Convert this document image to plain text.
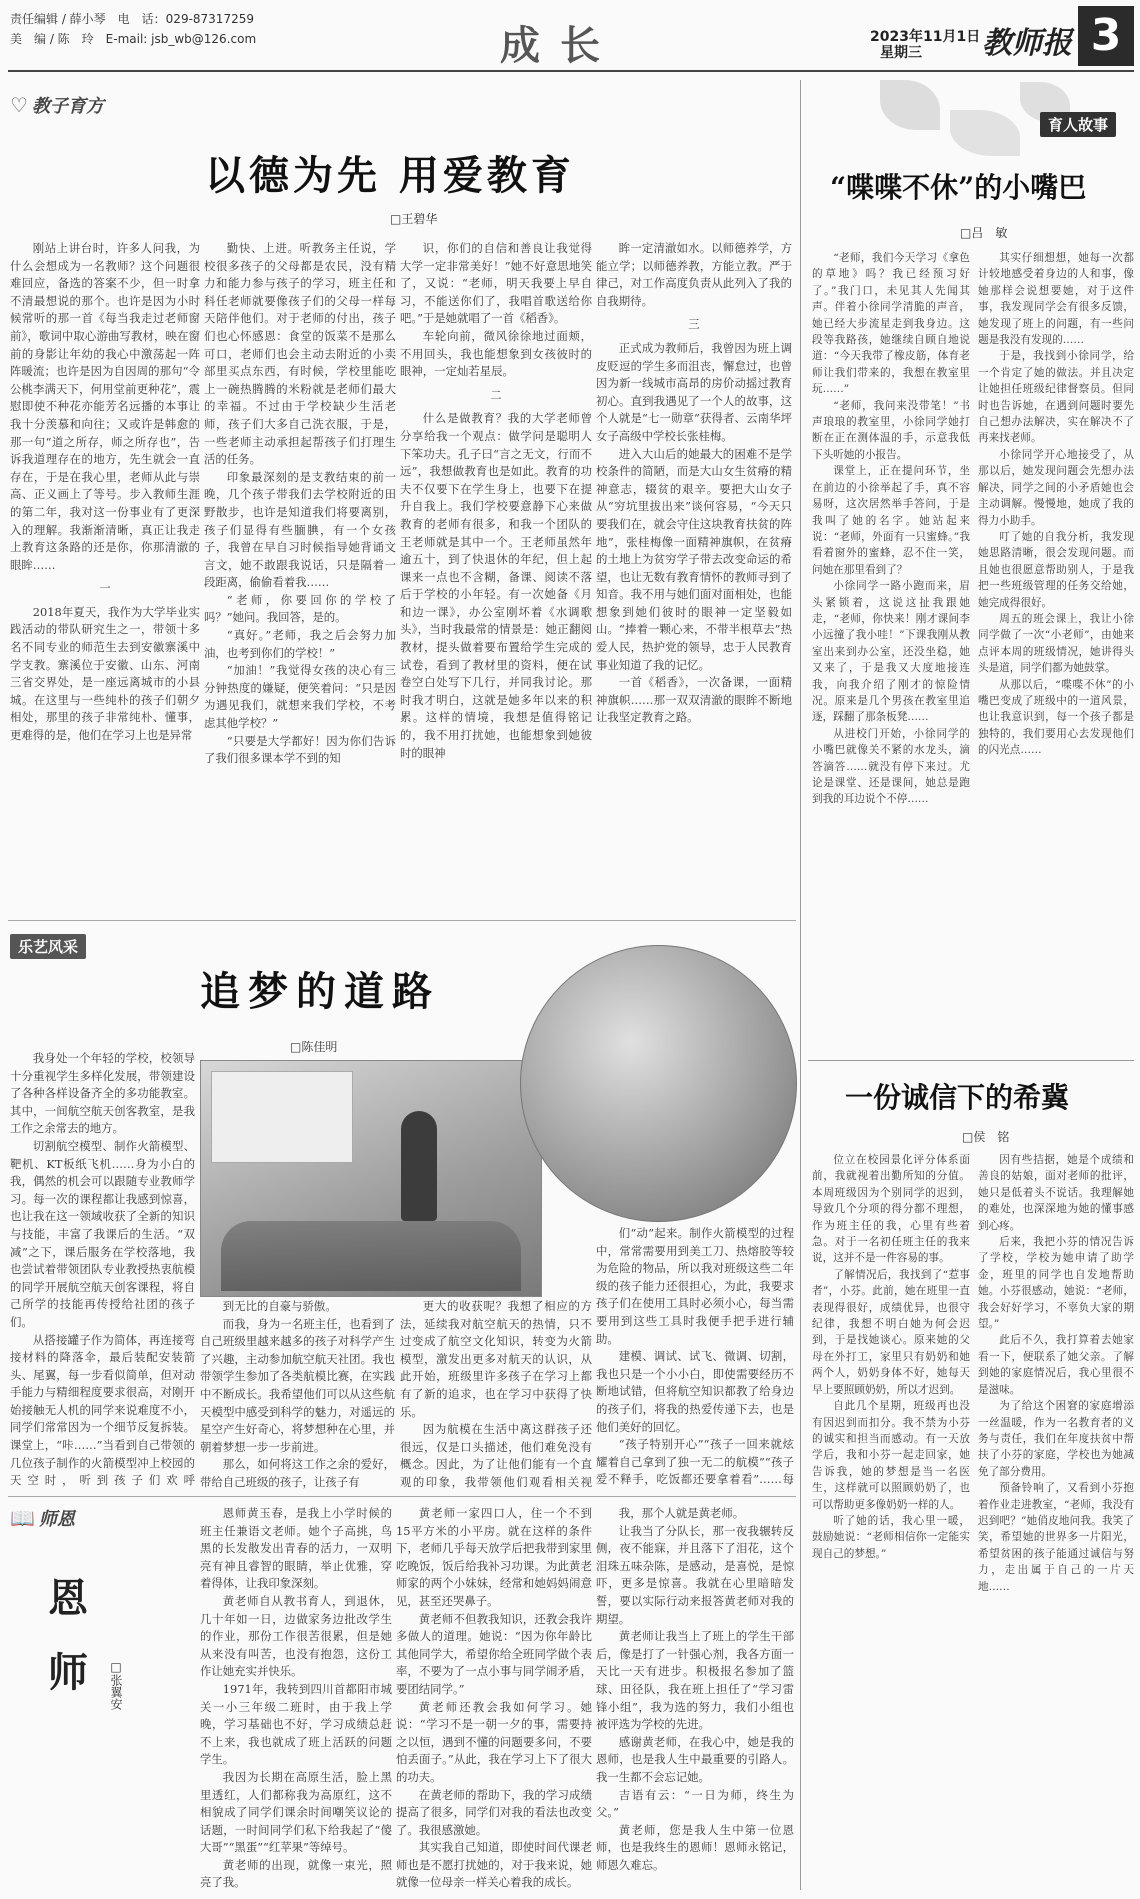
责任编辑 / 薛小琴　电　话：029-87317259
美　编 / 陈　玲　E-mail: jsb_wb@126.com	成长	2023年11月1日
星期三 教师报 3
♡ 教子育方
以德为先 用爱教育
□王碧华

刚站上讲台时，许多人问我，为什么会想成为一名教师？这个问题很难回应，备选的答案不少，但一时拿不清最想说的那个。也许是因为小时候常听的那一首《每当我走过老师窗前》，歌词中取心游曲写教材，映在窗前的身影让年幼的我心中激荡起一阵阵暖流；也许是因为自因周的那句“令公桃李满天下，何用堂前更种花”，震慰即使不种花亦能芳名远播的本事让我十分羡慕和向往；又或许是韩愈的那一句“道之所存，师之所存也”，告诉我道理存在的地方，先生就会一直存在，于是在我心里，老师从此与崇高、正义画上了等号。步入教师生涯的第二年，我对这一份事业有了更深入的理解。我渐渐清晰，真正让我走上教育这条路的还是你，你那清澈的眼眸……

一

2018年夏天，我作为大学毕业实践活动的带队研究生之一，带领十多名不同专业的师范生去到安徽寨溪中学支教。寨溪位于安徽、山东、河南三省交界处，是一座远离城市的小县城。在这里与一些纯朴的孩子们朝夕相处，那里的孩子非常纯朴、懂事，更难得的是，他们在学习上也是异常

勤快、上进。听教务主任说，学校很多孩子的父母都是农民，没有精力和能力参与孩子的学习，班主任和科任老师就要像孩子们的父母一样每天陪伴他们。对于老师的付出，孩子们也心怀感恩：食堂的饭菜不是那么可口，老师们也会主动去附近的小卖部里买点东西，有时候，学校里能吃上一碗热腾腾的米粉就是老师们最大的幸福。不过由于学校缺少生活老师，孩子们大多自己洗衣服，于是，一些老师主动承担起帮孩子们打理生活的任务。

印象最深刻的是支教结束的前一晚，几个孩子带我们去学校附近的田野散步，也许是知道我们将要离别，孩子们显得有些腼腆，有一个女孩子，我曾在早自习时候指导她背诵文言文，她不敢跟我说话，只是隔着一段距离，偷偷看着我……

“老师，你要回你的学校了吗？”她问。我回答，是的。

“真好。”老师，我之后会努力加油，也考到你们的学校！”

“加油！”我觉得女孩的决心有三分钟热度的嫌疑，便笑着问：“只是因为遇见我们，就想来我们学校，不考虑其他学校？”

“只要是大学都好！因为你们告诉了我们很多课本学不到的知

识，你们的自信和善良让我觉得大学一定非常美好！”她不好意思地笑了，又说：“老师，明天我要上早自习，不能送你们了，我唱首歌送给你吧。”于是她就唱了一首《稻香》。

车轮向前，微风徐徐地过面颊，不用回头，我也能想象到女孩彼时的眼神，一定灿若星辰。

二

什么是做教育？我的大学老师曾分享给我一个观点：做学问是聪明人下笨功夫。孔子曰“言之无文，行而不远”，我想做教育也是如此。教育的功夫不仅要下在学生身上，也要下在提升自我上。我们学校要意静下心来做教育的老师有很多，和我一个团队的王老师就是其中一个。王老师虽然年逾五十，到了快退休的年纪，但上起课来一点也不含糊，备课、阅读不落后于学校的小年轻。有一次她备《月和边一课》，办公室刚坏着《水调歌头》，当时我最常的情景是：她正翻阅教材，提头做着要布置给学生完成的试卷，看到了教材里的资料，便在试卷空白处写下几行，并同我讨论。那时我才明白，这就是她多年以来的积累。这样的情境，我想是值得铭记的，我不用打扰她，也能想象到她彼时的眼神

眸一定清澈如水。以师德养学，方能立学；以师德养教，方能立教。严于律己，对工作高度负责从此列入了我的自我期待。

三

正式成为教师后，我曾因为班上调皮贬逗的学生多而沮丧，懈怠过，也曾因为新一线城市高昂的房价动摇过教育初心。直到我遇见了一个人的故事，这个人就是“七一勋章”获得者、云南华坪女子高级中学校长张桂梅。

进入大山后的她最大的困难不是学校条件的简陋，而是大山女生贫瘠的精神意志，辍贫的艰辛。要把大山女子从“穷坑里拔出来”谈何容易，“今天只要我们在，就会守住这块教育扶贫的阵地”，张桂梅像一面精神旗帜，在贫瘠的土地上为贫穷学子带去改变命运的希望，也让无数有教育情怀的教师寻到了知音。我不用与她们面对面相处，也能想象到她们彼时的眼神一定坚毅如山。“捧着一颗心来，不带半根草去”热爱人民，热护党的领导，忠于人民教育事业知道了我的记忆。

一首《稻香》，一次备课，一面精神旗帜……那一双双清澈的眼眸不断地让我坚定教育之路。

育人故事
“喋喋不休”的小嘴巴
□吕　敏

“老师，我们今天学习《拿色的草地》吗？我已经预习好了。”我门口，未见其人先闻其声。伴着小徐同学清脆的声音，她已经大步流星走到我身边。这段等我路孩，她继续自顾自地说道：“今天我带了橡皮筋，体育老师让我们带来的，我想在教室里玩……”

“老师，我问来没带笔！”书声琅琅的教室里，小徐同学她打断在正在测体温的手，示意我低下头听她的小报告。

课堂上，正在提问环节，坐在前边的小徐举起了手，真不容易呀，这次居然举手答问，于是我叫了她的名字。她站起来说：“老师，外面有一只蜜蜂。”我看着窗外的蜜蜂，忍不住一笑，问她在那里看到了？

小徐同学一路小跑而来，眉头紧锁着，这说这扯我跟她走，“老师，你快来！刚才课间李小远撞了我小哇！”下课我刚从教室出来到办公室，还没坐稳，她又来了，于是我又大度地接连我，向我介绍了刚才的惊险情况。原来是几个男孩在教室里追逐，踩翻了那条板凳……

从进校门开始，小徐同学的小嘴巴就像关不紧的水龙头，滴答滴答……就没有停下来过。尤论是课堂、还是课间，她总是跑到我的耳边说个不停……

其实仔细想想，她每一次都计较地感受着身边的人和事，像她那样会说想要她，对于这件事，我发现同学会有很多反馈，她发现了班上的问题，有一些问题是我没有发现的……

于是，我找到小徐同学，给一个肯定了她的做法。并且决定让她担任班级纪律督察员。但同时也告诉她，在遇到问题时要先自己想办法解决，实在解决不了再来找老师。

小徐同学开心地接受了，从那以后，她发现问题会先想办法解决，同学之间的小矛盾她也会主动调解。慢慢地，她成了我的得力小助手。

叮了她的自我分析，我发现她思路清晰，很会发现问题。而且她也很愿意帮助别人，于是我把一些班级管理的任务交给她，她完成得很好。

周五的班会课上，我让小徐同学做了一次“小老师”，由她来点评本周的班级情况，她讲得头头是道，同学们都为她鼓掌。

从那以后，“喋喋不休”的小嘴巴变成了班级中的一道风景，也让我意识到，每一个孩子都是独特的，我们要用心去发现他们的闪光点……

乐艺风采
追梦的道路
□陈佳明

我身处一个年轻的学校，校领导十分重视学生多样化发展，带领建设了各种各样设备齐全的多功能教室。其中，一间航空航天创客教室，是我工作之余常去的地方。

切割航空模型、制作火箭模型、靶机、KT板纸飞机……身为小白的我，偶然的机会可以跟随专业教师学习。每一次的课程都让我感到惊喜，也让我在这一领域收获了全新的知识与技能，丰富了我课后的生活。“双减”之下，课后服务在学校落地，我也尝试着带领团队专业教授热衷航模的同学开展航空航天创客课程，将自己所学的技能再传授给社团的孩子们。

从搭接罐子作为简体，再连接弯接材料的降落伞，最后装配安装箭头、尾翼，每一步看似简单，但对动手能力与精细程度要求很高，对刚开始接触无人机的同学来说难度不小，同学们常常因为一个细节反复拆装。课堂上，“咔……”当看到自己带领的几位孩子制作的火箭模型冲上校园的天空时，听到孩子们欢呼

到无比的自豪与骄傲。

而我，身为一名班主任，也看到了自己班级里越来越多的孩子对科学产生了兴趣，主动参加航空航天社团。我也带领学生参加了各类航模比赛，在实践中不断成长。我希望他们可以从这些航天模型中感受到科学的魅力，对遥远的星空产生好奇心，将梦想种在心里，并朝着梦想一步一步前进。

那么，如何将这工作之余的爱好，带给自己班级的孩子，让孩子有

更大的收获呢？我想了相应的方法，延续我对航空航天的热情，只不过变成了航空文化知识，转变为火箭模型，激发出更多对航天的认识，从此开始，班级里许多孩子在学习上都有了新的追求，也在学习中获得了快乐。

因为航模在生活中离这群孩子还很远，仅是口头描述，他们难免没有概念。因此，为了让他们能有一个直观的印象，我带领他们观看相关视

们“动”起来。制作火箭模型的过程中，常常需要用到美工刀、热熔胶等较为危险的物品，所以我对班级这些二年级的孩子能力还很担心，为此，我要求孩子们在使用工具时必须小心，每当需要用到这些工具时我便手把手进行辅助。

建模、调试、试飞、微调、切割，我也只是一个小小白，即使需要经历不断地试错，但将航空知识都教了给身边的孩子们，将我的热爱传递下去，也是他们美好的回忆。

“孩子特别开心”“孩子一回来就炫耀着自己拿到了独一无二的航模”“孩子爱不释手，吃饭都还要拿着看”……每

一份诚信下的希冀
□侯　铭

位立在校园景化评分体系面前，我就视着出勤所知的分值。本周班级因为个别同学的迟到，导致几个分项的得分都不理想，作为班主任的我，心里有些着急。对于一名初任班主任的我来说，这并不是一件容易的事。

了解情况后，我找到了“惹事者”，小芬。此前，她在班里一直表现得很好，成绩优异，也很守纪律，我想不明白她为何会迟到，于是找她谈心。原来她的父母在外打工，家里只有奶奶和她两个人，奶奶身体不好，她每天早上要照顾奶奶，所以才迟到。

自此几个星期，班级再也没有因迟到而扣分。我不禁为小芬的诚实和担当而感动。有一天放学后，我和小芬一起走回家，她告诉我，她的梦想是当一名医生，这样就可以照顾奶奶了，也可以帮助更多像奶奶一样的人。

听了她的话，我心里一暖，鼓励她说：“老师相信你一定能实现自己的梦想。”

因有些拮据，她是个成绩和善良的姑娘，面对老师的批评，她只是低着头不说话。我理解她的难处，也深深地为她的懂事感到心疼。

后来，我把小芬的情况告诉了学校，学校为她申请了助学金，班里的同学也自发地帮助她。小芬很感动，她说：“老师，我会好好学习，不辜负大家的期望。”

此后不久，我打算着去她家看一下，便联系了她父亲。了解到她的家庭情况后，我心里很不是滋味。

为了给这个困窘的家庭增添一丝温暖，作为一名教育者的义务与责任，我们在年度扶贫中帮扶了小芬的家庭，学校也为她减免了部分费用。

预备铃响了，又看到小芬抱着作业走进教室，“老师，我没有迟到吧？”她俏皮地问我。我笑了笑，希望她的世界多一片阳光，希望贫困的孩子能通过诚信与努力，走出属于自己的一片天地……

📖 师恩
恩
师	□张翼安

恩师黄玉春，是我上小学时候的班主任兼语文老师。她个子高挑，鸟黑的长发散发出青春的活力，一双明亮有神且睿智的眼睛，举止优雅，穿着得体，让我印象深刻。

黄老师自从教书育人，到退休，几十年如一日，边做家务边批改学生的作业，那份工作很苦很累，但是她从来没有叫苦，也没有抱怨，这份工作让她充实并快乐。

1971年，我转到四川首都阳市城关一小三年级二班时，由于我上学晚，学习基础也不好，学习成绩总赶不上来，我也就成了班上活跃的问题学生。

我因为长期在高原生活，脸上黑里透红，人们都称我为高原红，这不相貌成了同学们课余时间嘲笑议论的话题，一时间同学们私下给我起了“傻大哥”“黑蛋”“红苹果”等绰号。

黄老师的出现，就像一束光，照亮了我。

黄老师一家四口人，住一个不到15平方米的小平房。就在这样的条件下，老师几乎每天放学后把我带到家里吃晚饭，饭后给我补习功课。为此黄老师家的两个小妹妹，经常和她妈妈闹意见，甚至还哭鼻子。

黄老师不但教我知识，还教会我许多做人的道理。她说：“因为你年龄比其他同学大，希望你给全班同学做个表率，不要为了一点小事与同学闹矛盾，要团结同学。”

黄老师还教会我如何学习。她说：“学习不是一朝一夕的事，需要持之以恒，遇到不懂的问题要多问，不要怕丢面子。”从此，我在学习上下了很大的功夫。

在黄老师的帮助下，我的学习成绩提高了很多，同学们对我的看法也改变了。我很感激她。

其实我自己知道，即使时间代课老师也是不愿打扰她的，对于我来说，她就像一位母亲一样关心着我的成长。

我，那个人就是黄老师。

让我当了分队长，那一夜我辗转反侧，夜不能寐，并且落下了泪花，这个泪珠五味杂陈，是感动，是喜悦，是惊吓，更多是惊喜。我就在心里暗暗发誓，要以实际行动来报答黄老师对我的期望。

黄老师让我当上了班上的学生干部后，像是打了一针强心剂，我各方面一天比一天有进步。积极报名参加了篮球、田径队，我在班上担任了“学习雷锋小组”，我为选的努力，我们小组也被评选为学校的先进。

感谢黄老师，在我心中，她是我的恩师，也是我人生中最重要的引路人。我一生都不会忘记她。

吉语有云：“一日为师，终生为父。”

黄老师，您是我人生中第一位恩师，也是我终生的恩师！恩师永铭记，师恩久难忘。
